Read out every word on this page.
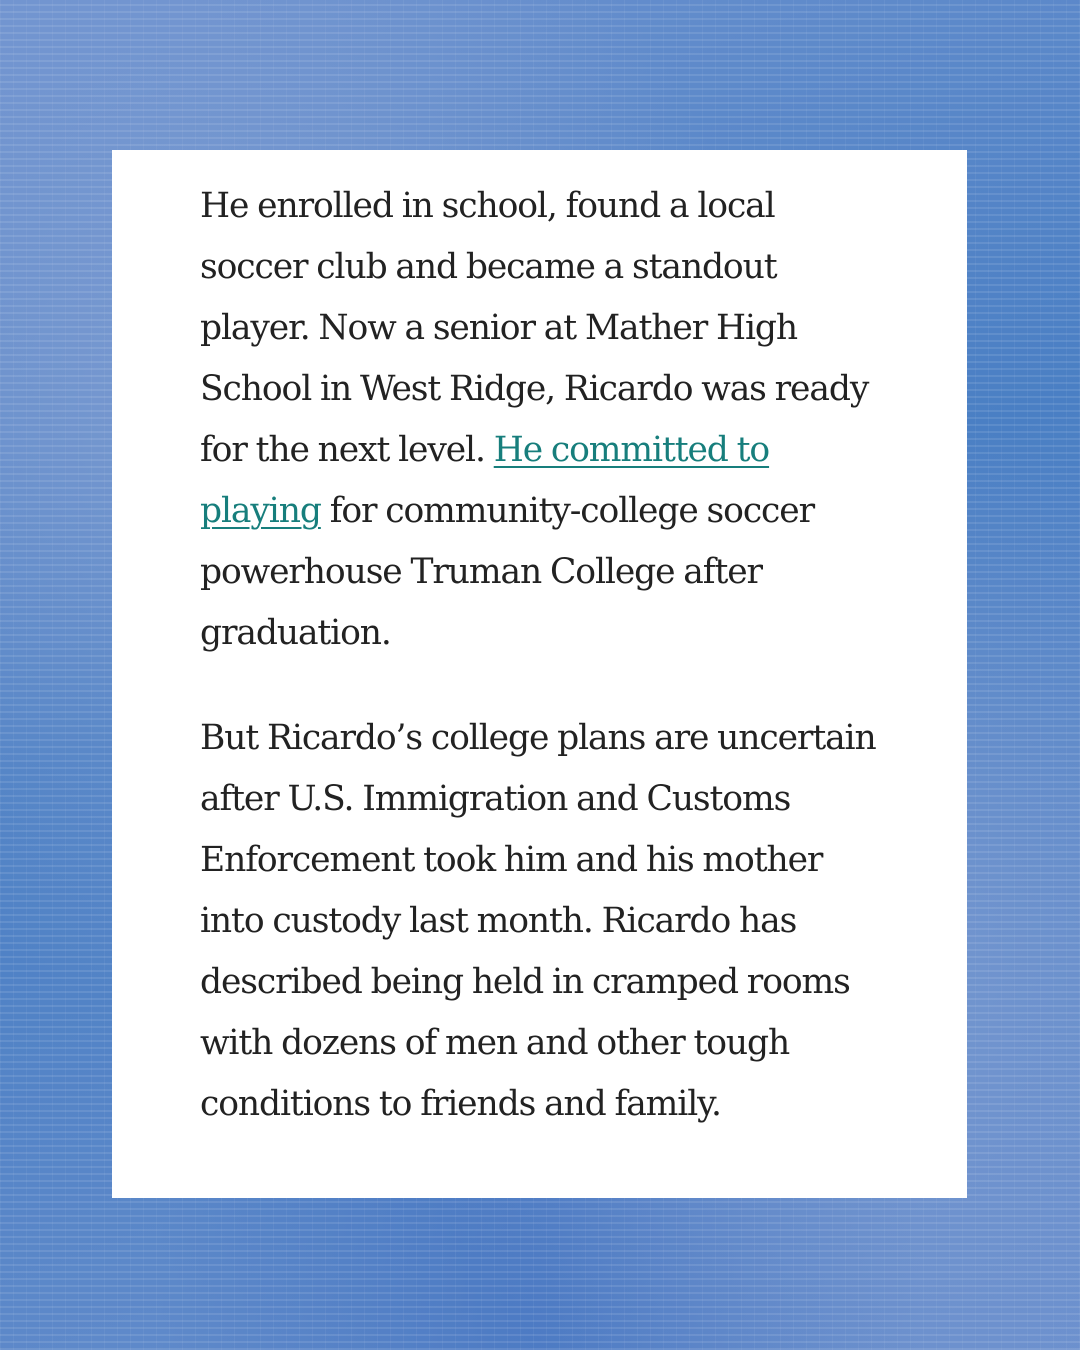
He enrolled in school, found a local soccer club and became a standout player. Now a senior at Mather High School in West Ridge, Ricardo was ready for the next level. He committed to playing for community-college soccer powerhouse Truman College after graduation.

But Ricardo’s college plans are uncertain after U.S. Immigration and Customs Enforcement took him and his mother into custody last month. Ricardo has described being held in cramped rooms with dozens of men and other tough conditions to friends and family.
